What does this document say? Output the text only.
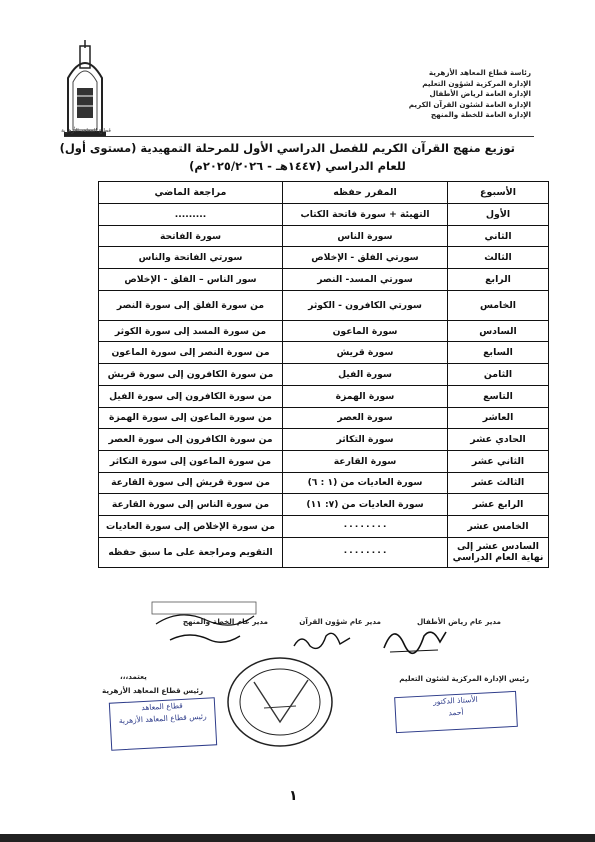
رئاسة قطاع المعاهد الأزهرية
الإدارة المركزية لشؤون التعليم
الإدارة العامة لرياض الأطفال
الإدارة العامة لشئون القرآن الكريم
الإدارة العامة للخطة والمنهج
قطاع المعاهد الأزهرية
توزيع منهج القرآن الكريم للفصل الدراسي الأول للمرحلة التمهيدية (مستوى أول)
للعام الدراسي (١٤٤٧هـ - ٢٠٢٥/٢٠٢٦م)
الأسبوع	المقرر حفظه	مراجعة الماضي
الأول	التهيئة + سورة فاتحة الكتاب	.........
الثاني	سورة الناس	سورة الفاتحة
الثالث	سورتي الفلق - الإخلاص	سورتي الفاتحة والناس
الرابع	سورتي المسد- النصر	سور الناس – الفلق - الإخلاص
الخامس	سورتي الكافرون - الكوثر	من سورة الفلق إلى سورة النصر
السادس	سورة الماعون	من سورة المسد إلى سورة الكوثر
السابع	سورة قريش	من سورة النصر إلى سورة الماعون
الثامن	سورة الفيل	من سورة الكافرون إلى سورة قريش
التاسع	سورة الهمزة	من سورة الكافرون إلى سورة الفيل
العاشر	سورة العصر	من سورة الماعون إلى سورة الهمزة
الحادي عشر	سورة التكاثر	من سورة الكافرون إلى سورة العصر
الثاني عشر	سورة القارعة	من سورة الماعون إلى سورة التكاثر
الثالث عشر	سورة العاديات من (١ : ٦)	من سورة قريش إلى سورة القارعة
الرابع عشر	سورة العاديات من (٧: ١١)	من سورة الناس إلى سورة القارعة
الخامس عشر	٠٠٠٠٠٠٠٠	من سورة الإخلاص إلى سورة العاديات
السادس عشر إلى نهاية العام الدراسي	٠٠٠٠٠٠٠٠	التقويم ومراجعة على ما سبق حفظه
مدير عام رياض الأطفال
مدير عام شؤون القرآن
مدير عام الخطة والمنهج
رئيس الإدارة المركزية لشئون التعليم
يعتمد،،،
رئيس قطاع المعاهد الأزهرية
الأستاذ الدكتور
أحمد
قطاع المعاهد
رئيس قطاع المعاهد الأزهرية
١
